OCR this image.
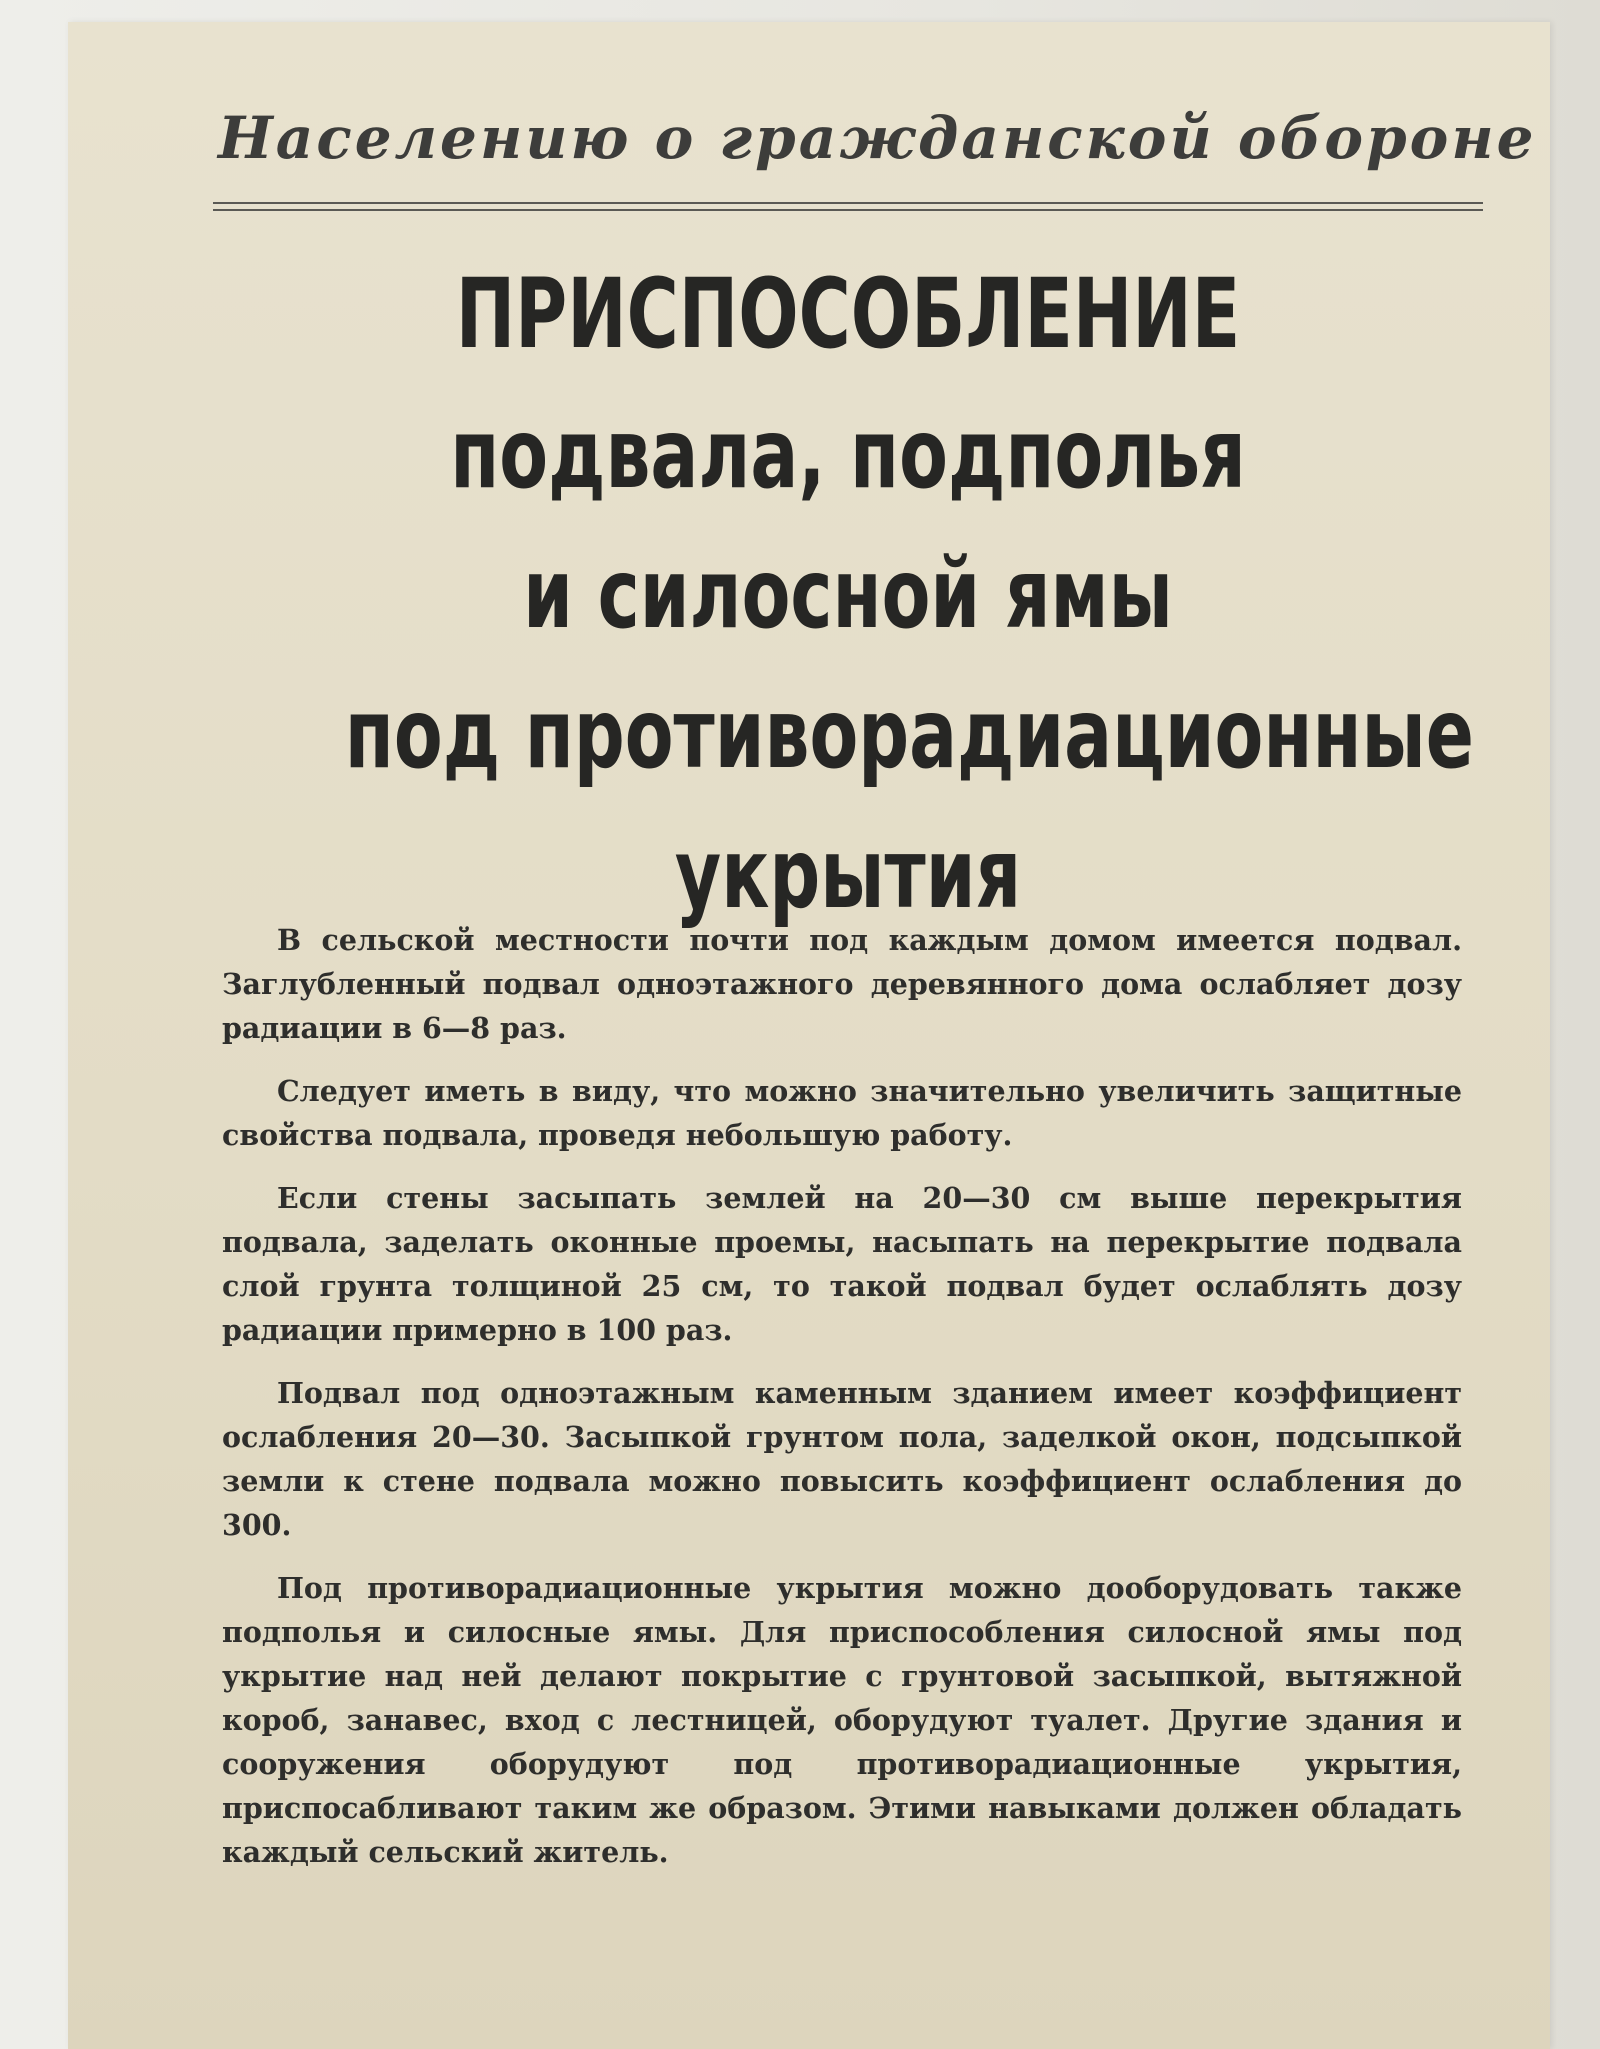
Населению о гражданской обороне
ПРИСПОСОБЛЕНИЕ
подвала, подполья
и силосной ямы
под противорадиационные
укрытия

В сельской местности почти под каждым домом имеется подвал. Заглубленный подвал одноэтажного деревянного дома ослабляет дозу радиации в 6—8 раз.

Следует иметь в виду, что можно значительно увеличить защитные свойства подвала, проведя небольшую работу.

Если стены засыпать землей на 20—30 см выше перекрытия подвала, заделать оконные проемы, насыпать на перекрытие подвала слой грунта толщиной 25 см, то такой подвал будет ослаблять дозу радиации примерно в 100 раз.

Подвал под одноэтажным каменным зданием имеет коэффициент ослабления 20—30. Засыпкой грунтом пола, заделкой окон, подсыпкой земли к стене подвала можно повысить коэффициент ослабления до 300.

Под противорадиационные укрытия можно дооборудовать также подполья и силосные ямы. Для приспособления силосной ямы под укрытие над ней делают покрытие с грунтовой засыпкой, вытяжной короб, занавес, вход с лестницей, оборудуют туалет. Другие здания и сооружения оборудуют под противорадиационные укрытия, приспосабливают таким же образом. Этими навыками должен обладать каждый сельский житель.
